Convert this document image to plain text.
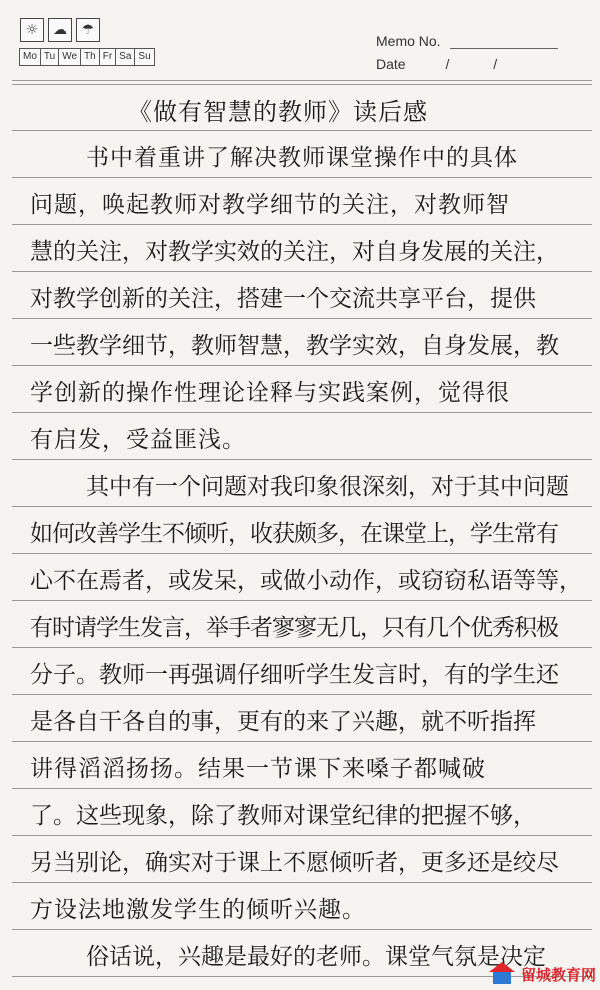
☼	☁	☂
Mo Tu We Th Fr Sa Su
Memo No.
Date	/	/
《做有智慧的教师》读后感
书中着重讲了解决教师课堂操作中的具体
问题，唤起教师对教学细节的关注，对教师智
慧的关注，对教学实效的关注，对自身发展的关注，
对教学创新的关注，搭建一个交流共享平台，提供
一些教学细节，教师智慧，教学实效，自身发展，教
学创新的操作性理论诠释与实践案例，觉得很
有启发，受益匪浅。
其中有一个问题对我印象很深刻，对于其中问题
如何改善学生不倾听，收获颇多，在课堂上，学生常有
心不在焉者，或发呆，或做小动作，或窃窃私语等等，
有时请学生发言，举手者寥寥无几，只有几个优秀积极
分子。教师一再强调仔细听学生发言时，有的学生还
是各自干各自的事，更有的来了兴趣，就不听指挥
讲得滔滔扬扬。结果一节课下来嗓子都喊破
了。这些现象，除了教师对课堂纪律的把握不够，
另当别论，确实对于课上不愿倾听者，更多还是绞尽
方设法地激发学生的倾听兴趣。
俗话说，兴趣是最好的老师。课堂气氛是决定
留城教育网
